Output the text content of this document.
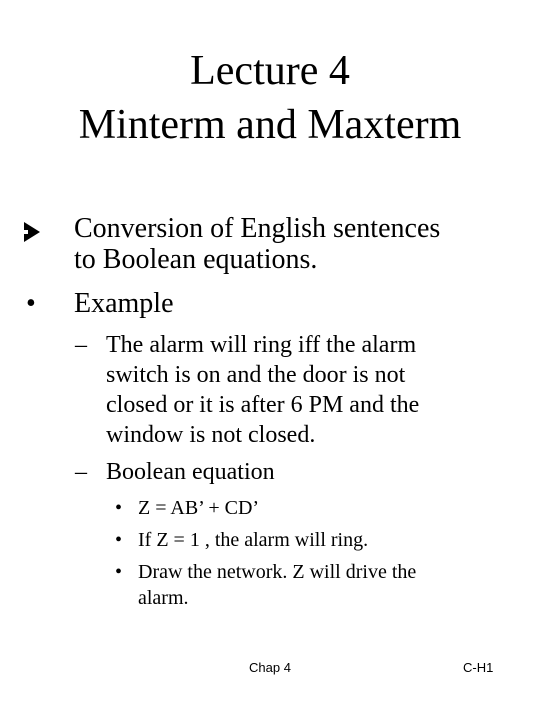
Lecture 4
Minterm and Maxterm
Conversion of English sentences
to Boolean equations.
• Example
– The alarm will ring iff the alarm
switch is on and the door is not
closed or it is after 6 PM and the
window is not closed.
– Boolean equation
• Z = AB’ + CD’
• If Z = 1 , the alarm will ring.
• Draw the network. Z will drive the
alarm.
Chap 4	C-H1
